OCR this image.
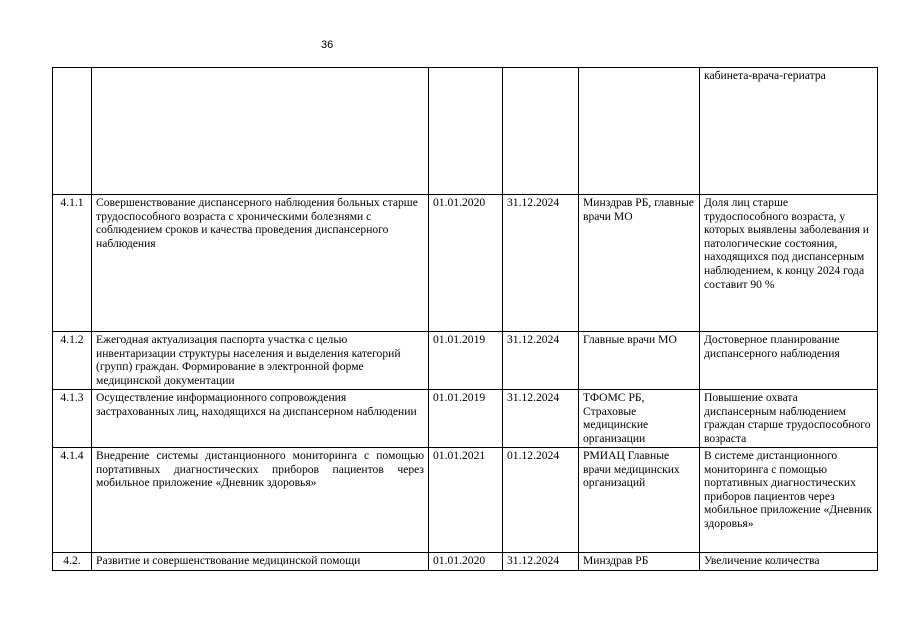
36
					кабинета-врача-гериатра
4.1.1	Совершенствование диспансерного наблюдения больных старше трудоспособного возраста с хроническими болезнями с соблюдением сроков и качества проведения диспансерного наблюдения	01.01.2020	31.12.2024	Минздрав РБ, главные врачи МО	Доля лиц старше трудоспособного возраста, у которых выявлены заболевания и патологические состояния, находящихся под диспансерным наблюдением, к концу 2024 года составит 90 %
4.1.2	Ежегодная актуализация паспорта участка с целью инвентаризации структуры населения и выделения категорий (групп) граждан. Формирование в электронной форме медицинской документации	01.01.2019	31.12.2024	Главные врачи МО	Достоверное планирование диспансерного наблюдения
4.1.3	Осуществление информационного сопровождения застрахованных лиц, находящихся на диспансерном наблюдении	01.01.2019	31.12.2024	ТФОМС РБ, Страховые медицинские организации	Повышение охвата диспансерным наблюдением граждан старше трудоспособного возраста
4.1.4	Внедрение системы дистанционного мониторинга с помощью портативных диагностических приборов пациентов через мобильное приложение «Дневник здоровья»	01.01.2021	01.12.2024	РМИАЦ Главные врачи медицинских организаций	В системе дистанционного мониторинга с помощью портативных диагностических приборов пациентов через мобильное приложение «Дневник здоровья»
4.2.	Развитие и совершенствование медицинской помощи	01.01.2020	31.12.2024	Минздрав РБ	Увеличение количества
